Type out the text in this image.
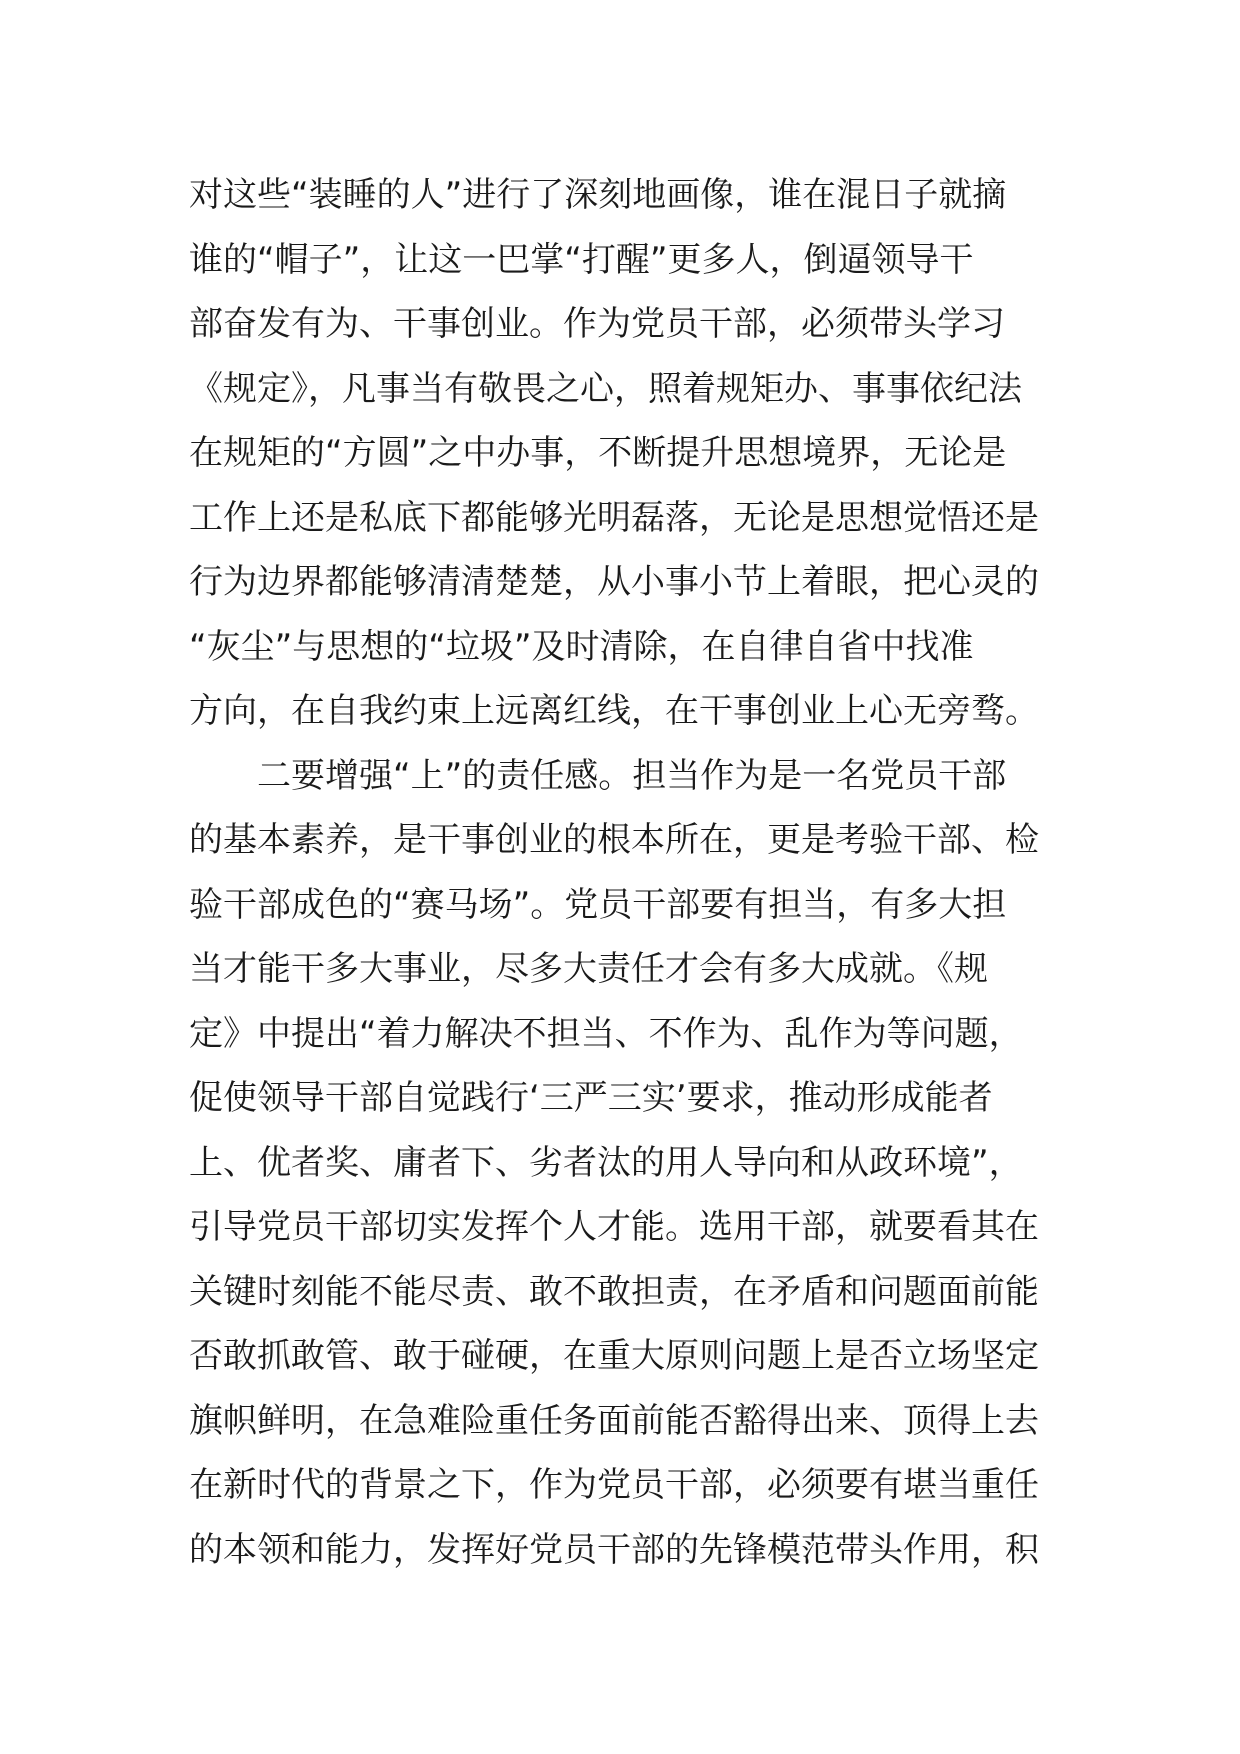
对这些“装睡的人”进行了深刻地画像，谁在混日子就摘
谁的“帽子”，让这一巴掌“打醒”更多人，倒逼领导干
部奋发有为、干事创业。作为党员干部，必须带头学习
《规定》，凡事当有敬畏之心，照着规矩办、事事依纪法
在规矩的“方圆”之中办事，不断提升思想境界，无论是
工作上还是私底下都能够光明磊落，无论是思想觉悟还是
行为边界都能够清清楚楚，从小事小节上着眼，把心灵的
“灰尘”与思想的“垃圾”及时清除，在自律自省中找准
方向，在自我约束上远离红线，在干事创业上心无旁骛。
二要增强“上”的责任感。担当作为是一名党员干部
的基本素养，是干事创业的根本所在，更是考验干部、检
验干部成色的“赛马场”。党员干部要有担当，有多大担
当才能干多大事业，尽多大责任才会有多大成就。《规
定》中提出“着力解决不担当、不作为、乱作为等问题，
促使领导干部自觉践行‘三严三实’要求，推动形成能者
上、优者奖、庸者下、劣者汰的用人导向和从政环境”，
引导党员干部切实发挥个人才能。选用干部，就要看其在
关键时刻能不能尽责、敢不敢担责，在矛盾和问题面前能
否敢抓敢管、敢于碰硬，在重大原则问题上是否立场坚定
旗帜鲜明，在急难险重任务面前能否豁得出来、顶得上去
在新时代的背景之下，作为党员干部，必须要有堪当重任
的本领和能力，发挥好党员干部的先锋模范带头作用，积
